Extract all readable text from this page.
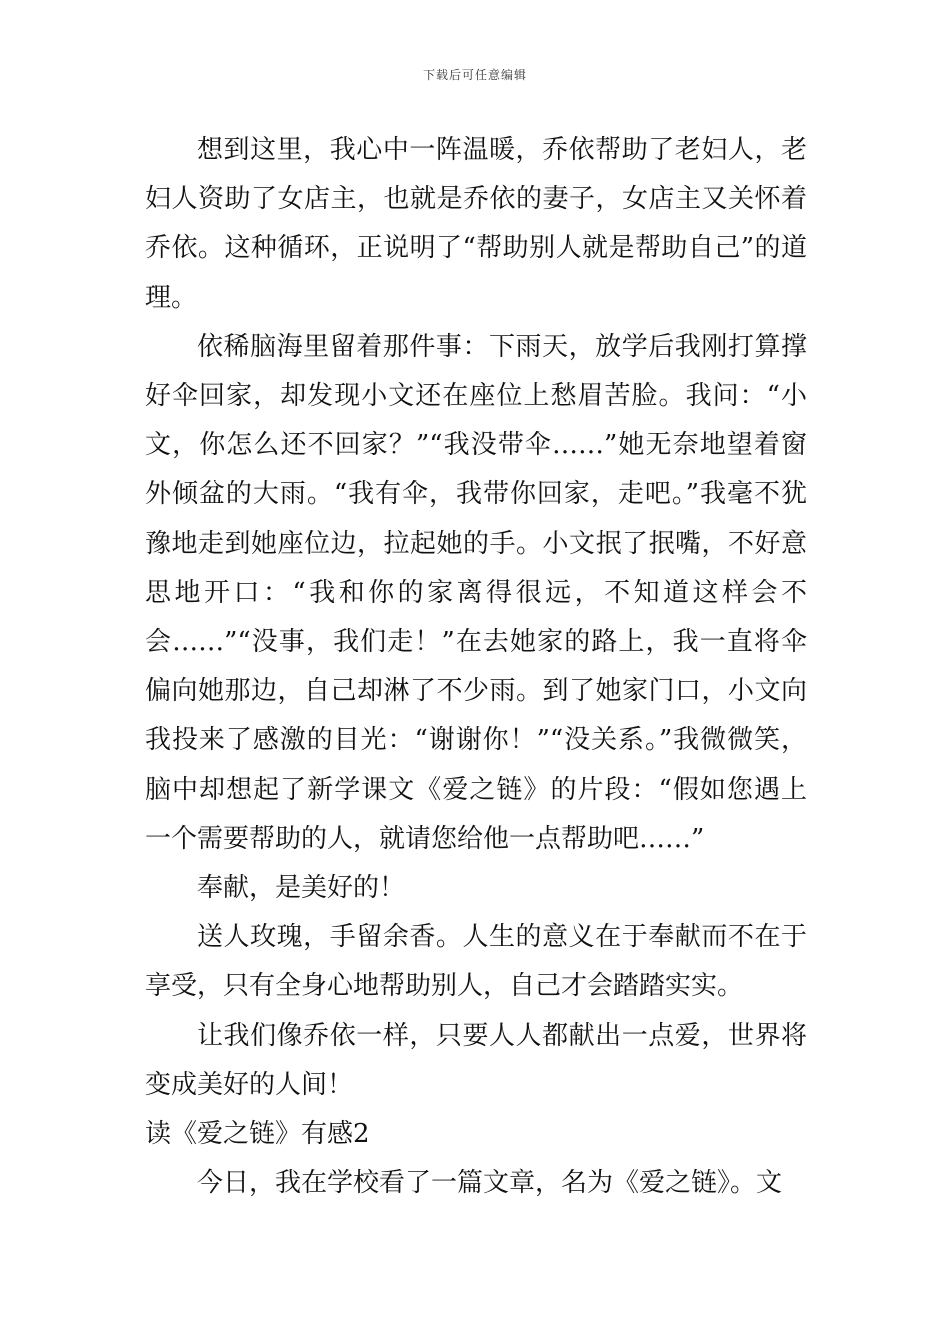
下载后可任意编辑

想到这里，我心中一阵温暖，乔依帮助了老妇人，老妇人资助了女店主，也就是乔依的妻子，女店主又关怀着乔依。这种循环，正说明了“帮助别人就是帮助自己”的道理。

依稀脑海里留着那件事：下雨天，放学后我刚打算撑好伞回家，却发现小文还在座位上愁眉苦脸。我问：“小文，你怎么还不回家？”“我没带伞……”她无奈地望着窗外倾盆的大雨。“我有伞，我带你回家，走吧。”我毫不犹豫地走到她座位边，拉起她的手。小文抿了抿嘴，不好意思地开口：“我和你的家离得很远，不知道这样会不会……”“没事，我们走！”在去她家的路上，我一直将伞偏向她那边，自己却淋了不少雨。到了她家门口，小文向我投来了感激的目光：“谢谢你！”“没关系。”我微微笑，脑中却想起了新学课文《爱之链》的片段：“假如您遇上一个需要帮助的人，就请您给他一点帮助吧……”

奉献，是美好的！

送人玫瑰，手留余香。人生的意义在于奉献而不在于享受，只有全身心地帮助别人，自己才会踏踏实实。

让我们像乔依一样，只要人人都献出一点爱，世界将变成美好的人间！

读《爱之链》有感2

今日，我在学校看了一篇文章，名为《爱之链》。文
